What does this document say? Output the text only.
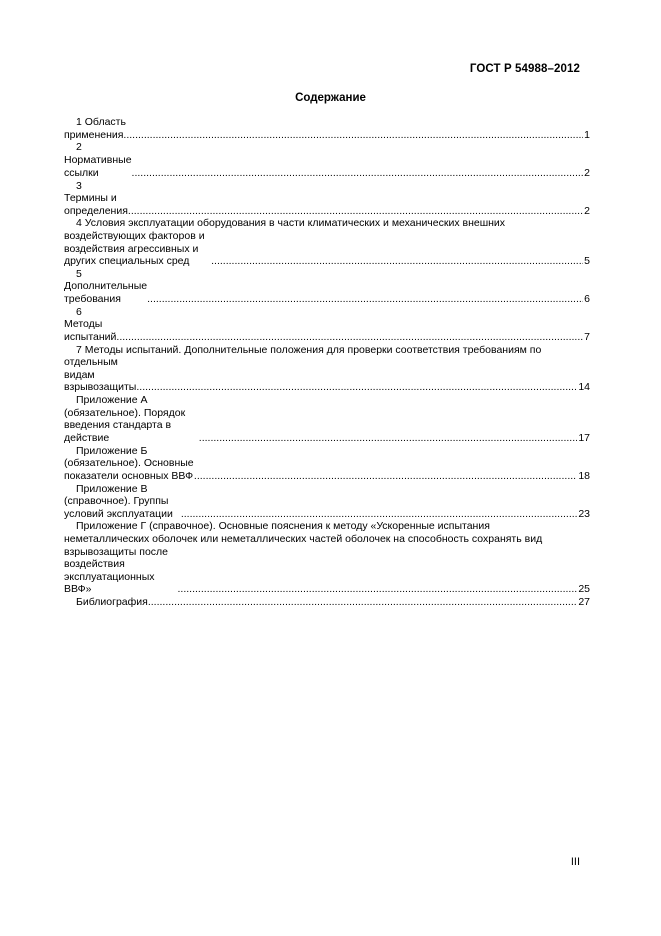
ГОСТ Р 54988–2012
Содержание
1 Область применения. .....	1
2 Нормативные ссылки .....	2
3 Термины и определения .....	2
4 Условия эксплуатации оборудования в части климатических и механических внешних
воздействующих факторов и воздействия агрессивных и других специальных сред .....	5
5 Дополнительные требования .....	6
6 Методы испытаний .....	7
7 Методы испытаний. Дополнительные положения для проверки соответствия требованиям по
отдельным видам взрывозащиты .....	14
Приложение А (обязательное). Порядок введения стандарта в действие .....	17
Приложение Б (обязательное). Основные показатели основных ВВФ .....	18
Приложение В (справочное). Группы условий эксплуатации .....	23
Приложение Г (справочное). Основные пояснения к методу «Ускоренные испытания
неметаллических оболочек или неметаллических частей оболочек на способность сохранять вид
взрывозащиты после воздействия эксплуатационных ВВФ» .....	25
Библиография .....	27
III
